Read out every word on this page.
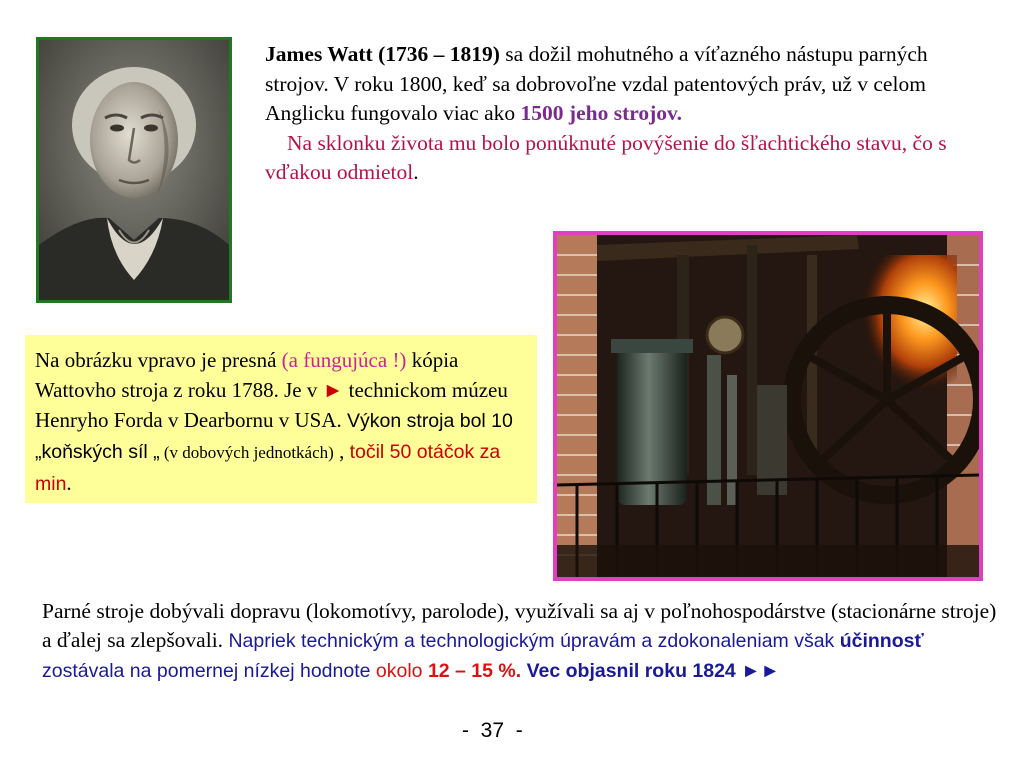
James Watt (1736 – 1819) sa dožil mohutného a víťazného nástupu parných strojov. V roku 1800, keď sa dobrovoľne vzdal patentových práv, už v celom Anglicku fungovalo viac ako 1500 jeho strojov.
Na sklonku života mu bolo ponúknuté povýšenie do šľachtického stavu, čo s vďakou odmietol.
Na obrázku vpravo je presná (a fungujúca !) kópia Wattovho stroja z roku 1788. Je v ► technickom múzeu Henryho Forda v Dearbornu v USA. Výkon stroja bol 10 „koňských síl „ (v dobových jednotkách) , točil 50 otáčok za min.
Parné stroje dobývali dopravu (lokomotívy, parolode), využívali sa aj v poľnohospodárstve (stacionárne stroje) a ďalej sa zlepšovali. Napriek technickým a technologickým úpravám a zdokonaleniam však účinnosť zostávala na pomernej nízkej hodnote okolo 12 – 15 %. Vec objasnil roku 1824 ►►
-  37  -
